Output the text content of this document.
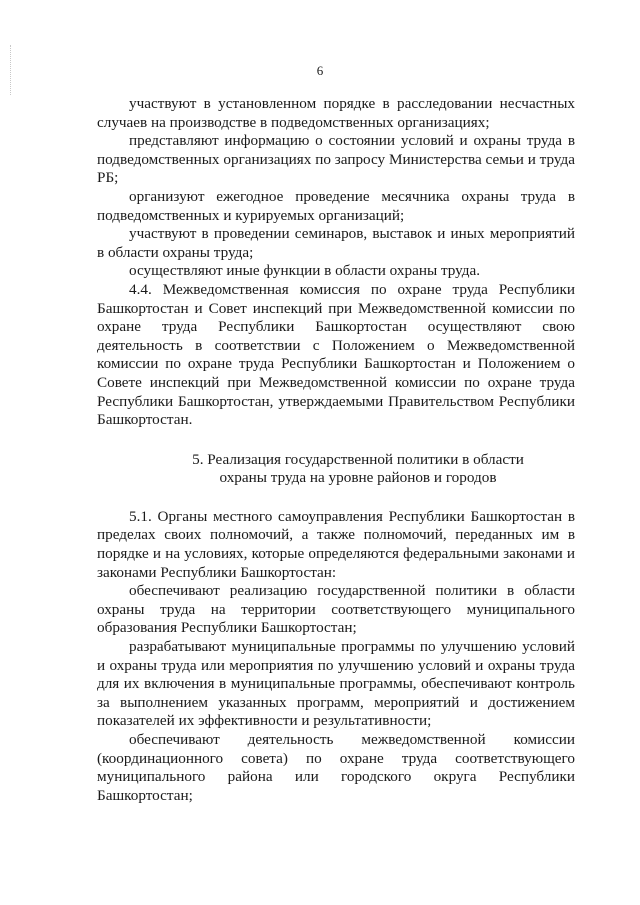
6

участвуют в установленном порядке в расследовании несчастных случаев на производстве в подведомственных организациях;

представляют информацию о состоянии условий и охраны труда в подведомственных организациях по запросу Министерства семьи и труда РБ;

организуют ежегодное проведение месячника охраны труда в подведомственных и курируемых организаций;

участвуют в проведении семинаров, выставок и иных мероприятий в области охраны труда;

осуществляют иные функции в области охраны труда.

4.4. Межведомственная комиссия по охране труда Республики Башкортостан и Совет инспекций при Межведомственной комиссии по охране труда Республики Башкортостан осуществляют свою деятельность в соответствии с Положением о Межведомственной комиссии по охране труда Республики Башкортостан и Положением о Совете инспекций при Межведомственной комиссии по охране труда Республики Башкортостан, утверждаемыми Правительством Республики Башкортостан.

5. Реализация государственной политики в области
охраны труда на уровне районов и городов

5.1. Органы местного самоуправления Республики Башкортостан в пределах своих полномочий, а также полномочий, переданных им в порядке и на условиях, которые определяются федеральными законами и законами Республики Башкортостан:

обеспечивают реализацию государственной политики в области охраны труда на территории соответствующего муниципального образования Республики Башкортостан;

разрабатывают муниципальные программы по улучшению условий и охраны труда или мероприятия по улучшению условий и охраны труда для их включения в муниципальные программы, обеспечивают контроль за выполнением указанных программ, мероприятий и достижением показателей их эффективности и результативности;

обеспечивают деятельность межведомственной комиссии (координационного совета) по охране труда соответствующего муниципального района или городского округа Республики Башкортостан;
